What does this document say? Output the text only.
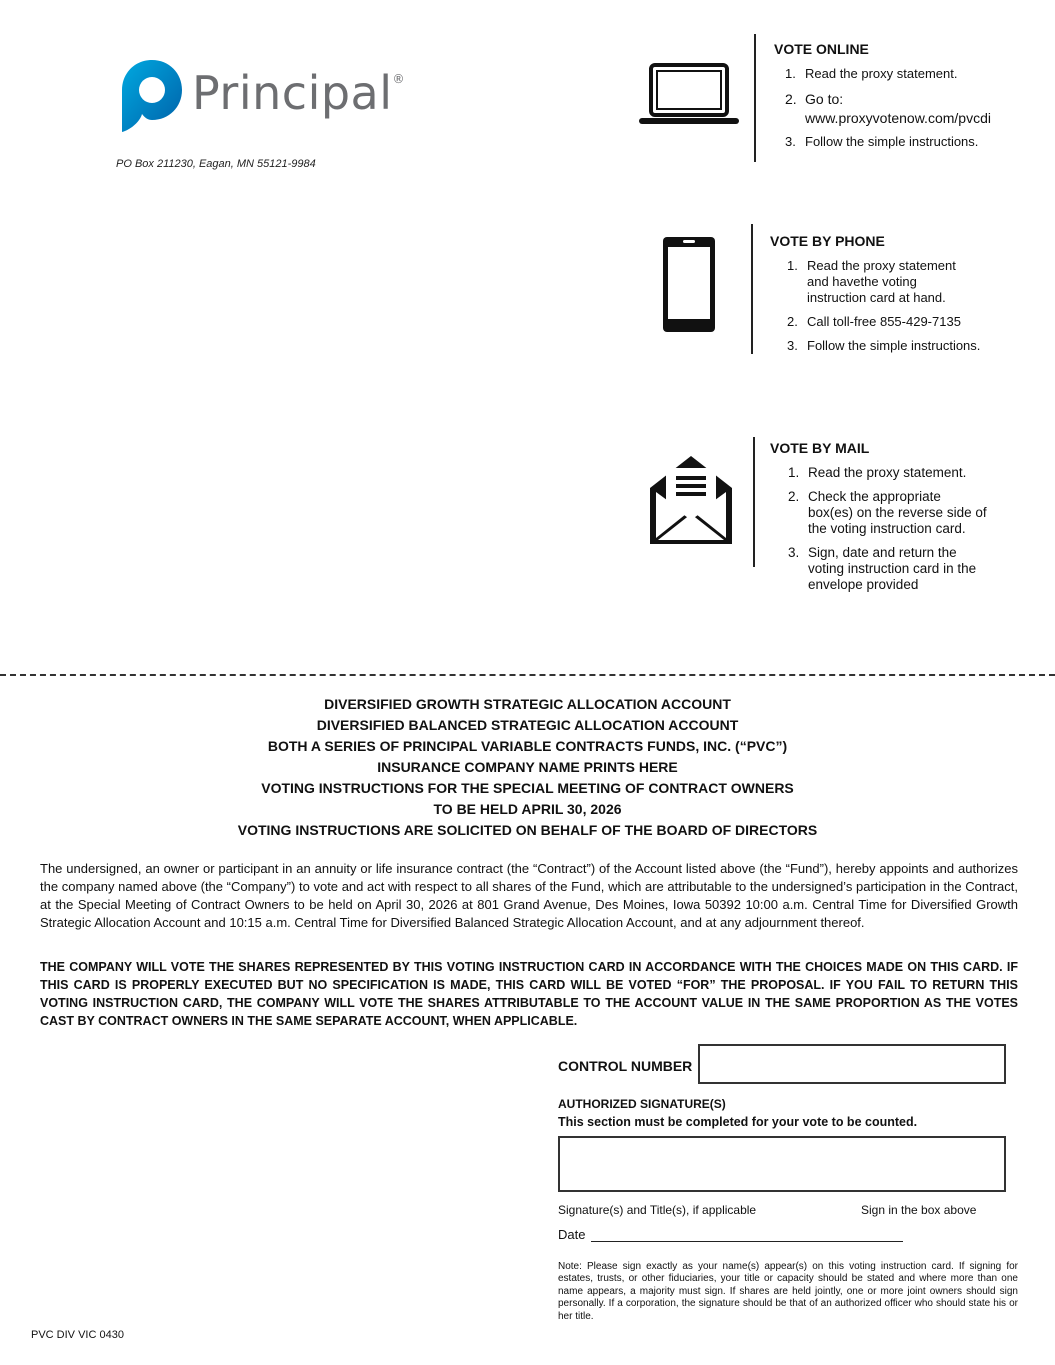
Principal®
PO Box 211230, Eagan, MN 55121-9984
VOTE ONLINE
1. Read the proxy statement.
2. Go to:
www.proxyvotenow.com/pvcdi
3. Follow the simple instructions.
VOTE BY PHONE
1. Read the proxy statement and havethe voting instruction card at hand.
2. Call toll-free 855-429-7135
3. Follow the simple instructions.
VOTE BY MAIL
1. Read the proxy statement.
2. Check the appropriate box(es) on the reverse side of the voting instruction card.
3. Sign, date and return the voting instruction card in the envelope provided
DIVERSIFIED GROWTH STRATEGIC ALLOCATION ACCOUNT
DIVERSIFIED BALANCED STRATEGIC ALLOCATION ACCOUNT
BOTH A SERIES OF PRINCIPAL VARIABLE CONTRACTS FUNDS, INC. (“PVC”)
INSURANCE COMPANY NAME PRINTS HERE
VOTING INSTRUCTIONS FOR THE SPECIAL MEETING OF CONTRACT OWNERS
TO BE HELD APRIL 30, 2026
VOTING INSTRUCTIONS ARE SOLICITED ON BEHALF OF THE BOARD OF DIRECTORS

The undersigned, an owner or participant in an annuity or life insurance contract (the “Contract”) of the Account listed above (the “Fund”), hereby appoints and authorizes the company named above (the “Company”) to vote and act with respect to all shares of the Fund, which are attributable to the undersigned’s participation in the Contract, at the Special Meeting of Contract Owners to be held on April 30, 2026 at 801 Grand Avenue, Des Moines, Iowa 50392 10:00 a.m. Central Time for Diversified Growth Strategic Allocation Account and 10:15 a.m. Central Time for Diversified Balanced Strategic Allocation Account, and at any adjournment thereof.

THE COMPANY WILL VOTE THE SHARES REPRESENTED BY THIS VOTING INSTRUCTION CARD IN ACCORDANCE WITH THE CHOICES MADE ON THIS CARD. IF THIS CARD IS PROPERLY EXECUTED BUT NO SPECIFICATION IS MADE, THIS CARD WILL BE VOTED “FOR” THE PROPOSAL. IF YOU FAIL TO RETURN THIS VOTING INSTRUCTION CARD, THE COMPANY WILL VOTE THE SHARES ATTRIBUTABLE TO THE ACCOUNT VALUE IN THE SAME PROPORTION AS THE VOTES CAST BY CONTRACT OWNERS IN THE SAME SEPARATE ACCOUNT, WHEN APPLICABLE.

CONTROL NUMBER
AUTHORIZED SIGNATURE(S)
This section must be completed for your vote to be counted.
Signature(s) and Title(s), if applicable	Sign in the box above
Date

Note: Please sign exactly as your name(s) appear(s) on this voting instruction card. If signing for estates, trusts, or other fiduciaries, your title or capacity should be stated and where more than one name appears, a majority must sign. If shares are held jointly, one or more joint owners should sign personally. If a corporation, the signature should be that of an authorized officer who should state his or her title.

PVC DIV VIC 0430
